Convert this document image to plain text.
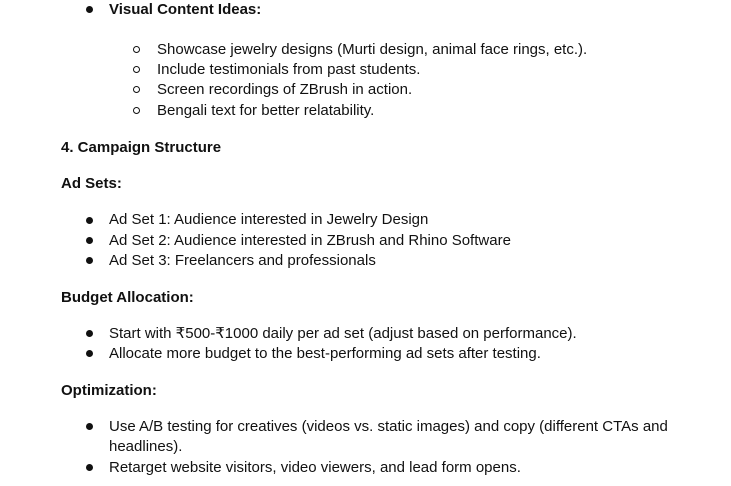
Visual Content Ideas:
Showcase jewelry designs (Murti design, animal face rings, etc.).
Include testimonials from past students.
Screen recordings of ZBrush in action.
Bengali text for better relatability.
4. Campaign Structure
Ad Sets:
Ad Set 1: Audience interested in Jewelry Design
Ad Set 2: Audience interested in ZBrush and Rhino Software
Ad Set 3: Freelancers and professionals
Budget Allocation:
Start with ₹500-₹1000 daily per ad set (adjust based on performance).
Allocate more budget to the best-performing ad sets after testing.
Optimization:
Use A/B testing for creatives (videos vs. static images) and copy (different CTAs and
headlines).
Retarget website visitors, video viewers, and lead form opens.
